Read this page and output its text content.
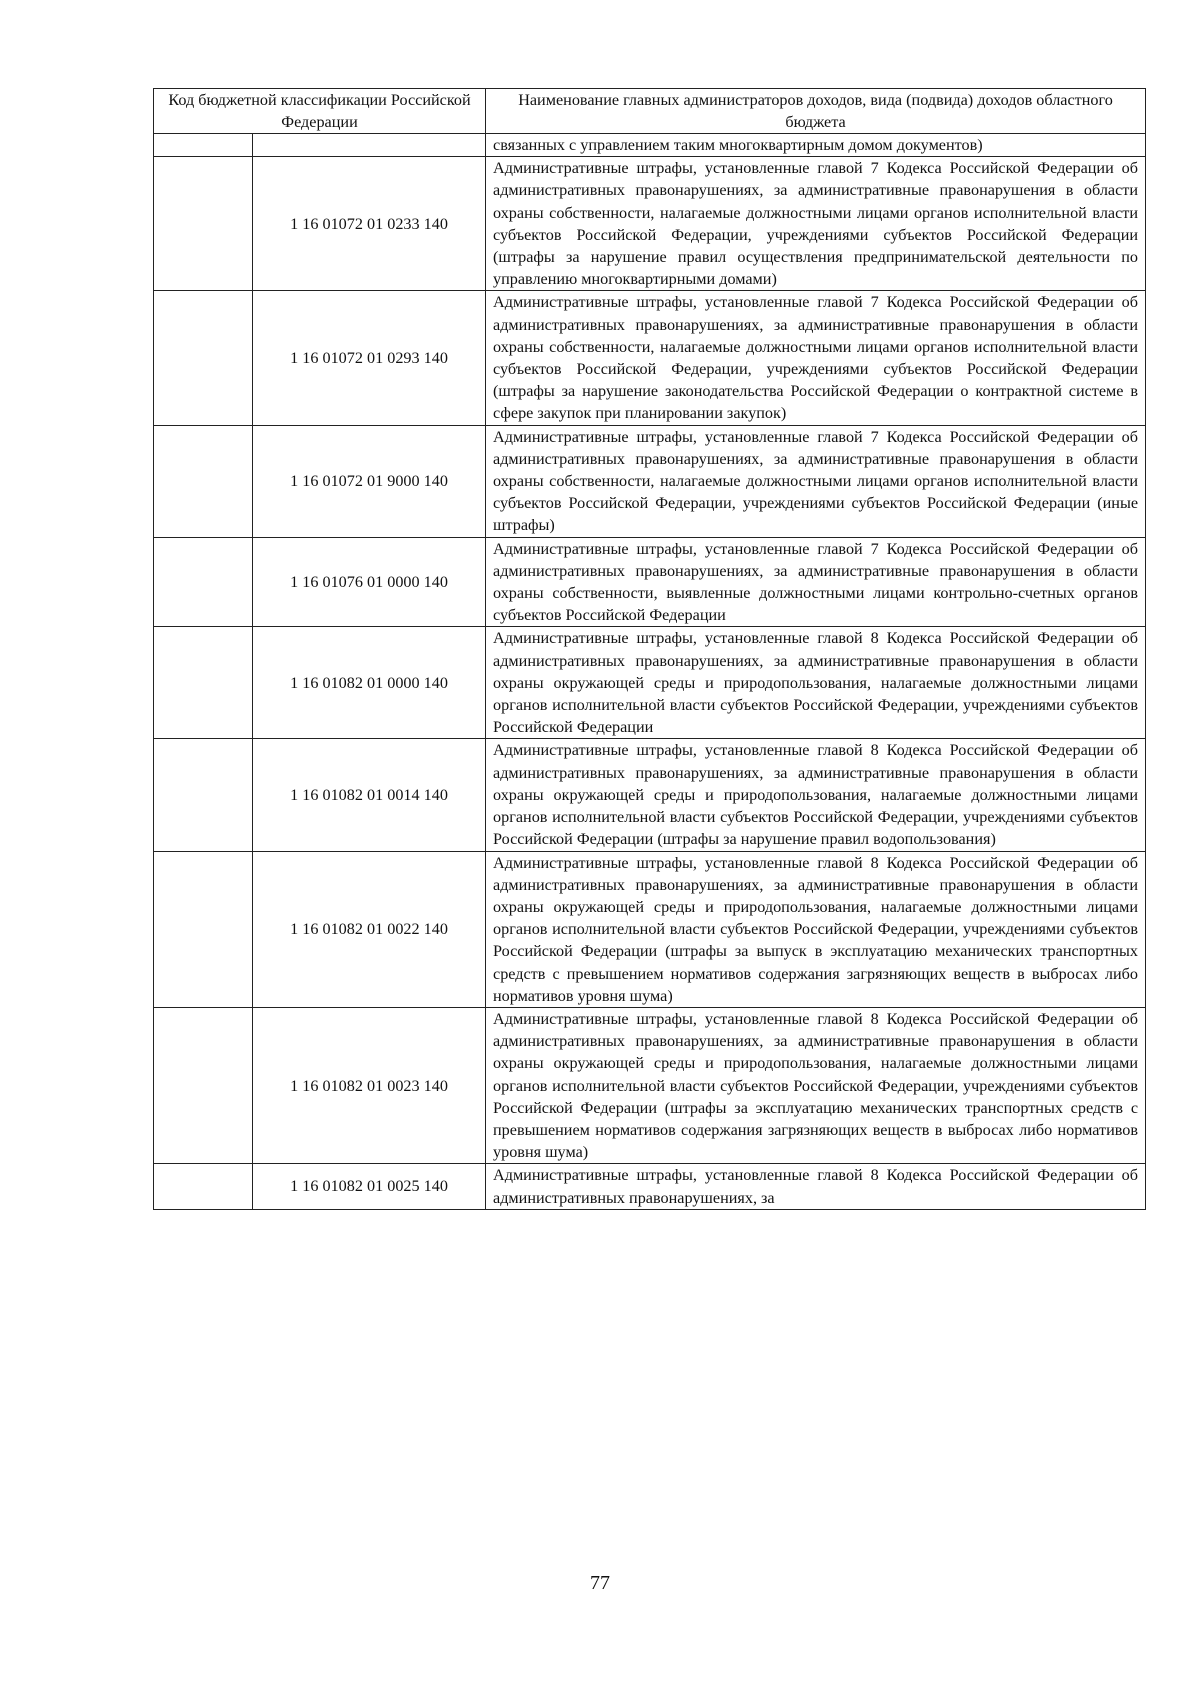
Код бюджетной классификации Российской Федерации		Наименование главных администраторов доходов, вида (подвида) доходов областного бюджета
		связанных с управлением таким многоквартирным домом документов)
	1 16 01072 01 0233 140	Административные штрафы, установленные главой 7 Кодекса Российской Федерации об административных правонарушениях, за административные правонарушения в области охраны собственности, налагаемые должностными лицами органов исполнительной власти субъектов Российской Федерации, учреждениями субъектов Российской Федерации (штрафы за нарушение правил осуществления предпринимательской деятельности по управлению многоквартирными домами)
	1 16 01072 01 0293 140	Административные штрафы, установленные главой 7 Кодекса Российской Федерации об административных правонарушениях, за административные правонарушения в области охраны собственности, налагаемые должностными лицами органов исполнительной власти субъектов Российской Федерации, учреждениями субъектов Российской Федерации (штрафы за нарушение законодательства Российской Федерации о контрактной системе в сфере закупок при планировании закупок)
	1 16 01072 01 9000 140	Административные штрафы, установленные главой 7 Кодекса Российской Федерации об административных правонарушениях, за административные правонарушения в области охраны собственности, налагаемые должностными лицами органов исполнительной власти субъектов Российской Федерации, учреждениями субъектов Российской Федерации (иные штрафы)
	1 16 01076 01 0000 140	Административные штрафы, установленные главой 7 Кодекса Российской Федерации об административных правонарушениях, за административные правонарушения в области охраны собственности, выявленные должностными лицами контрольно-счетных органов субъектов Российской Федерации
	1 16 01082 01 0000 140	Административные штрафы, установленные главой 8 Кодекса Российской Федерации об административных правонарушениях, за административные правонарушения в области охраны окружающей среды и природопользования, налагаемые должностными лицами органов исполнительной власти субъектов Российской Федерации, учреждениями субъектов Российской Федерации
	1 16 01082 01 0014 140	Административные штрафы, установленные главой 8 Кодекса Российской Федерации об административных правонарушениях, за административные правонарушения в области охраны окружающей среды и природопользования, налагаемые должностными лицами органов исполнительной власти субъектов Российской Федерации, учреждениями субъектов Российской Федерации (штрафы за нарушение правил водопользования)
	1 16 01082 01 0022 140	Административные штрафы, установленные главой 8 Кодекса Российской Федерации об административных правонарушениях, за административные правонарушения в области охраны окружающей среды и природопользования, налагаемые должностными лицами органов исполнительной власти субъектов Российской Федерации, учреждениями субъектов Российской Федерации (штрафы за выпуск в эксплуатацию механических транспортных средств с превышением нормативов содержания загрязняющих веществ в выбросах либо нормативов уровня шума)
	1 16 01082 01 0023 140	Административные штрафы, установленные главой 8 Кодекса Российской Федерации об административных правонарушениях, за административные правонарушения в области охраны окружающей среды и природопользования, налагаемые должностными лицами органов исполнительной власти субъектов Российской Федерации, учреждениями субъектов Российской Федерации (штрафы за эксплуатацию механических транспортных средств с превышением нормативов содержания загрязняющих веществ в выбросах либо нормативов уровня шума)
	1 16 01082 01 0025 140	Административные штрафы, установленные главой 8 Кодекса Российской Федерации об административных правонарушениях, за
77
